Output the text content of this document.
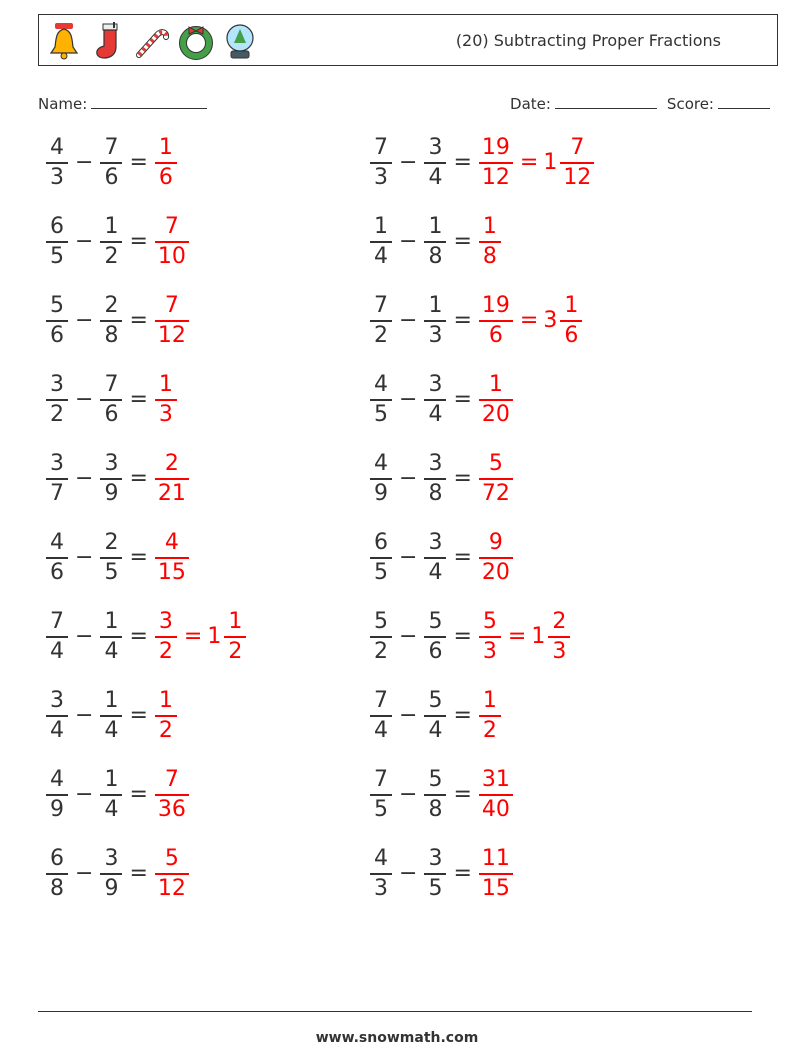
(20) Subtracting Proper Fractions
Name:	Date:	Score:
$\frac{4}{3} - \frac{7}{6} = \frac{1}{6}$	$\frac{7}{3} - \frac{3}{4} = \frac{19}{12} = 1 \frac{7}{12}$
$\frac{6}{5} - \frac{1}{2} = \frac{7}{10}$	$\frac{1}{4} - \frac{1}{8} = \frac{1}{8}$
$\frac{5}{6} - \frac{2}{8} = \frac{7}{12}$	$\frac{7}{2} - \frac{1}{3} = \frac{19}{6} = 3 \frac{1}{6}$
$\frac{3}{2} - \frac{7}{6} = \frac{1}{3}$	$\frac{4}{5} - \frac{3}{4} = \frac{1}{20}$
$\frac{3}{7} - \frac{3}{9} = \frac{2}{21}$	$\frac{4}{9} - \frac{3}{8} = \frac{5}{72}$
$\frac{4}{6} - \frac{2}{5} = \frac{4}{15}$	$\frac{6}{5} - \frac{3}{4} = \frac{9}{20}$
$\frac{7}{4} - \frac{1}{4} = \frac{3}{2} = 1 \frac{1}{2}$	$\frac{5}{2} - \frac{5}{6} = \frac{5}{3} = 1 \frac{2}{3}$
$\frac{3}{4} - \frac{1}{4} = \frac{1}{2}$	$\frac{7}{4} - \frac{5}{4} = \frac{1}{2}$
$\frac{4}{9} - \frac{1}{4} = \frac{7}{36}$	$\frac{7}{5} - \frac{5}{8} = \frac{31}{40}$
$\frac{6}{8} - \frac{3}{9} = \frac{5}{12}$	$\frac{4}{3} - \frac{3}{5} = \frac{11}{15}$
www.snowmath.com
